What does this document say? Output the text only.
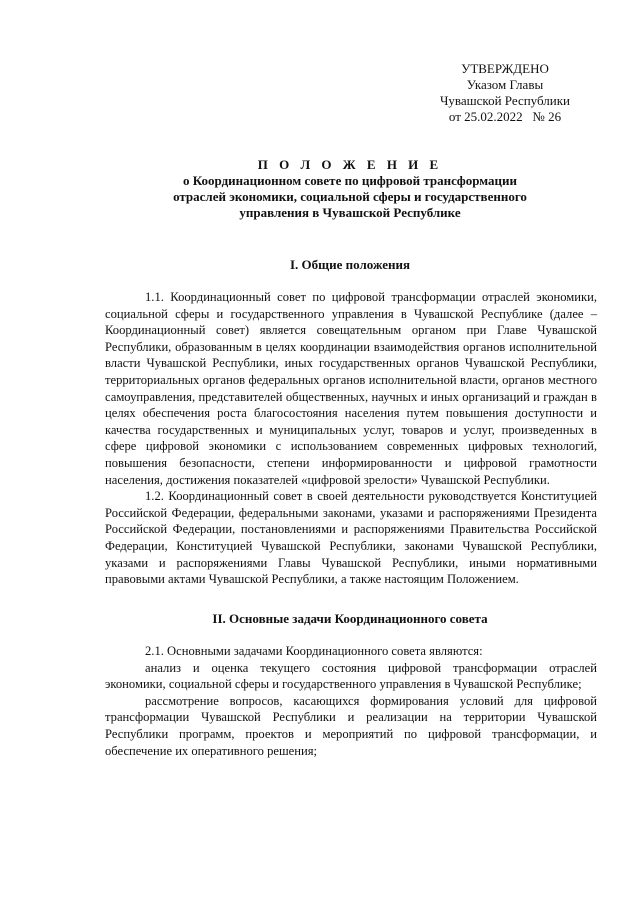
УТВЕРЖДЕНО
Указом Главы
Чувашской Республики
от 25.02.2022   № 26
П О Л О Ж Е Н И Е
о Координационном совете по цифровой трансформации
отраслей экономики, социальной сферы и государственного
управления в Чувашской Республике
I. Общие положения

1.1. Координационный совет по цифровой трансформации отраслей экономики, социальной сферы и государственного управления в Чувашской Республике (далее – Координационный совет) является совещательным органом при Главе Чувашской Республики, образованным в целях координации взаимодействия органов исполнительной власти Чувашской Республики, иных государственных органов Чувашской Республики, территориальных органов федеральных органов исполнительной власти, органов местного самоуправления, представителей общественных, научных и иных организаций и граждан в целях обеспечения роста благосостояния населения путем повышения доступности и качества государственных и муниципальных услуг, товаров и услуг, произведенных в сфере цифровой экономики с использованием современных цифровых технологий, повышения безопасности, степени информированности и цифровой грамотности населения, достижения показателей «цифровой зрелости» Чувашской Республики.

1.2. Координационный совет в своей деятельности руководствуется Конституцией Российской Федерации, федеральными законами, указами и распоряжениями Президента Российской Федерации, постановлениями и распоряжениями Правительства Российской Федерации, Конституцией Чувашской Республики, законами Чувашской Республики, указами и распоряжениями Главы Чувашской Республики, иными нормативными правовыми актами Чувашской Республики, а также настоящим Положением.

II. Основные задачи Координационного совета

2.1. Основными задачами Координационного совета являются:

анализ и оценка текущего состояния цифровой трансформации отраслей экономики, социальной сферы и государственного управления в Чувашской Республике;

рассмотрение вопросов, касающихся формирования условий для цифровой трансформации Чувашской Республики и реализации на территории Чувашской Республики программ, проектов и мероприятий по цифровой трансформации, и обеспечение их оперативного решения;
